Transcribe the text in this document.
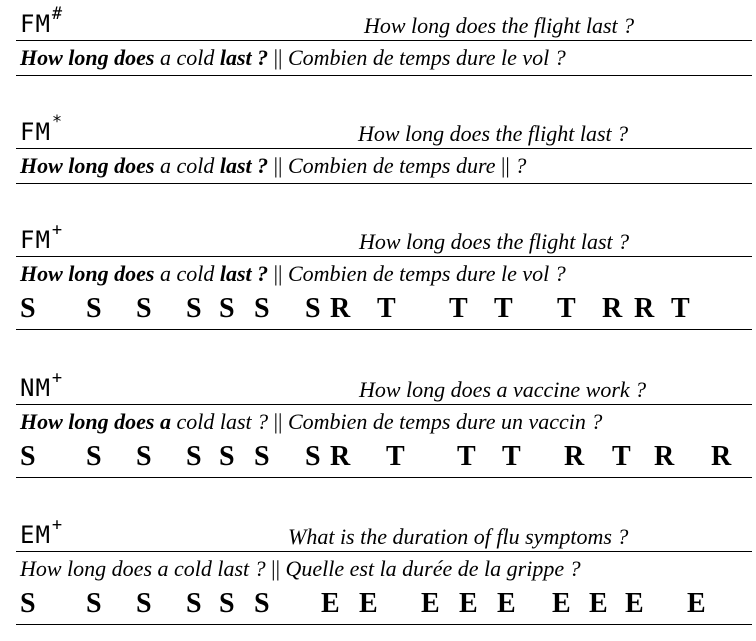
FM#	How long does the flight last ?
How long does a cold last ? || Combien de temps dure le vol ?
FM*	How long does the flight last ?
How long does a cold last ? || Combien de temps dure || ?
FM+	How long does the flight last ?
How long does a cold last ? || Combien de temps dure le vol ?
S S S S S S S R T T T T R R T
NM+	How long does a vaccine work ?
How long does a cold last ? || Combien de temps dure un vaccin ?
S S S S S S S R T T T R T R R
EM+	What is the duration of flu symptoms ?
How long does a cold last ? || Quelle est la durée de la grippe ?
S S S S S S E E E E E E E E E
